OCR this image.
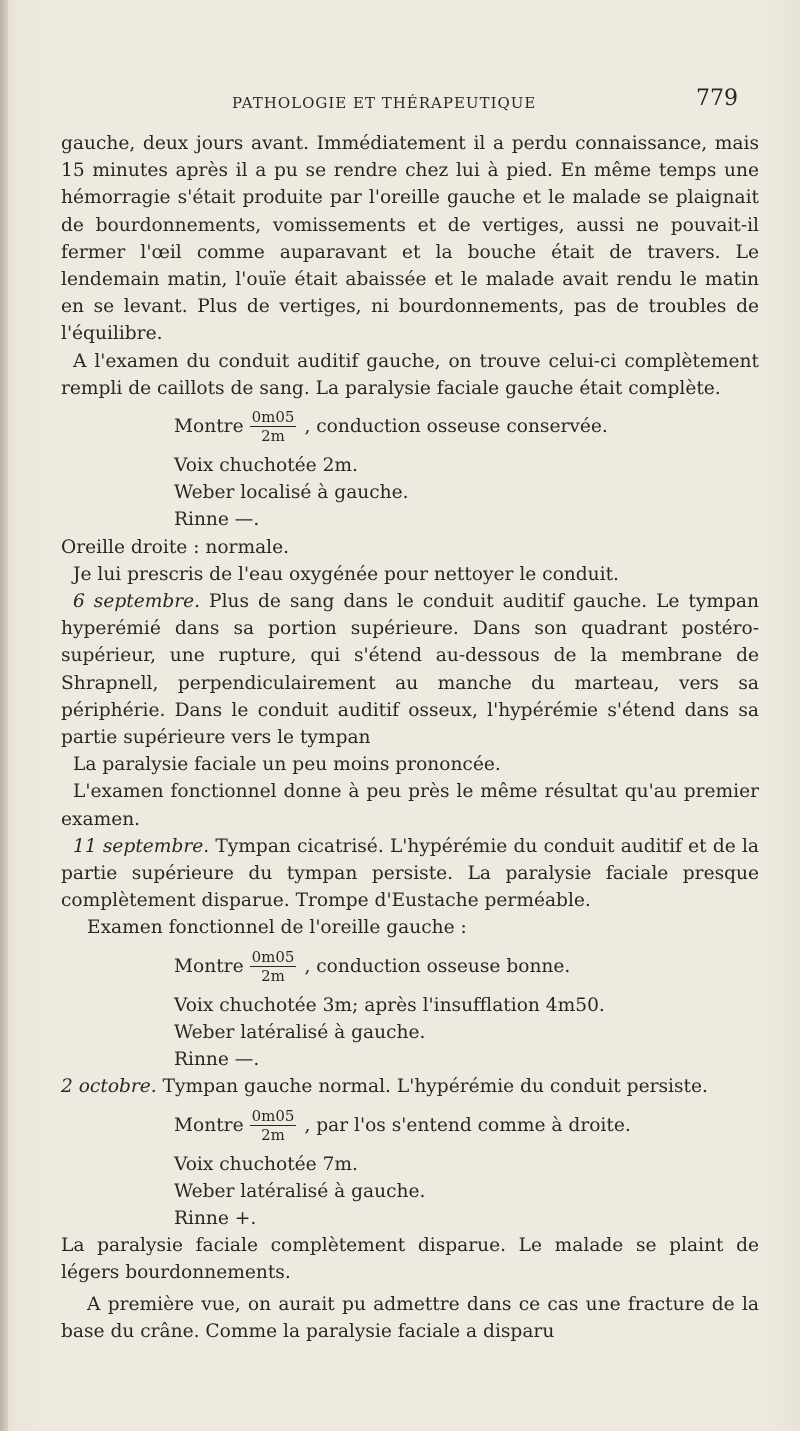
PATHOLOGIE ET THÉRAPEUTIQUE	779

gauche, deux jours avant. Immédiatement il a perdu connaissance, mais 15 minutes après il a pu se rendre chez lui à pied. En même temps une hémorragie s'était produite par l'oreille gauche et le malade se plaignait de bourdonnements, vomissements et de vertiges, aussi ne pouvait-il fermer l'œil comme auparavant et la bouche était de travers. Le lendemain matin, l'ouïe était abaissée et le malade avait rendu le matin en se levant. Plus de vertiges, ni bourdonnements, pas de troubles de l'équilibre.

A l'examen du conduit auditif gauche, on trouve celui-ci complètement rempli de caillots de sang. La paralysie faciale gauche était complète.

Montre $\frac{0m05}{2m}$ , conduction osseuse conservée.
Voix chuchotée 2m.
Weber localisé à gauche.
Rinne —.

Oreille droite : normale.

Je lui prescris de l'eau oxygénée pour nettoyer le conduit.

6 septembre. Plus de sang dans le conduit auditif gauche. Le tympan hyperémié dans sa portion supérieure. Dans son quadrant postéro-supérieur, une rupture, qui s'étend au-dessous de la membrane de Shrapnell, perpendiculairement au manche du marteau, vers sa périphérie. Dans le conduit auditif osseux, l'hypérémie s'étend dans sa partie supérieure vers le tympan

La paralysie faciale un peu moins prononcée.

L'examen fonctionnel donne à peu près le même résultat qu'au premier examen.

11 septembre. Tympan cicatrisé. L'hypérémie du conduit auditif et de la partie supérieure du tympan persiste. La paralysie faciale presque complètement disparue. Trompe d'Eustache perméable.

Examen fonctionnel de l'oreille gauche :

Montre $\frac{0m05}{2m}$ , conduction osseuse bonne.
Voix chuchotée 3m; après l'insufflation 4m50.
Weber latéralisé à gauche.
Rinne —.

2 octobre. Tympan gauche normal. L'hypérémie du conduit persiste.

Montre $\frac{0m05}{2m}$ , par l'os s'entend comme à droite.
Voix chuchotée 7m.
Weber latéralisé à gauche.
Rinne +.

La paralysie faciale complètement disparue. Le malade se plaint de légers bourdonnements.

A première vue, on aurait pu admettre dans ce cas une fracture de la base du crâne. Comme la paralysie faciale a disparu
